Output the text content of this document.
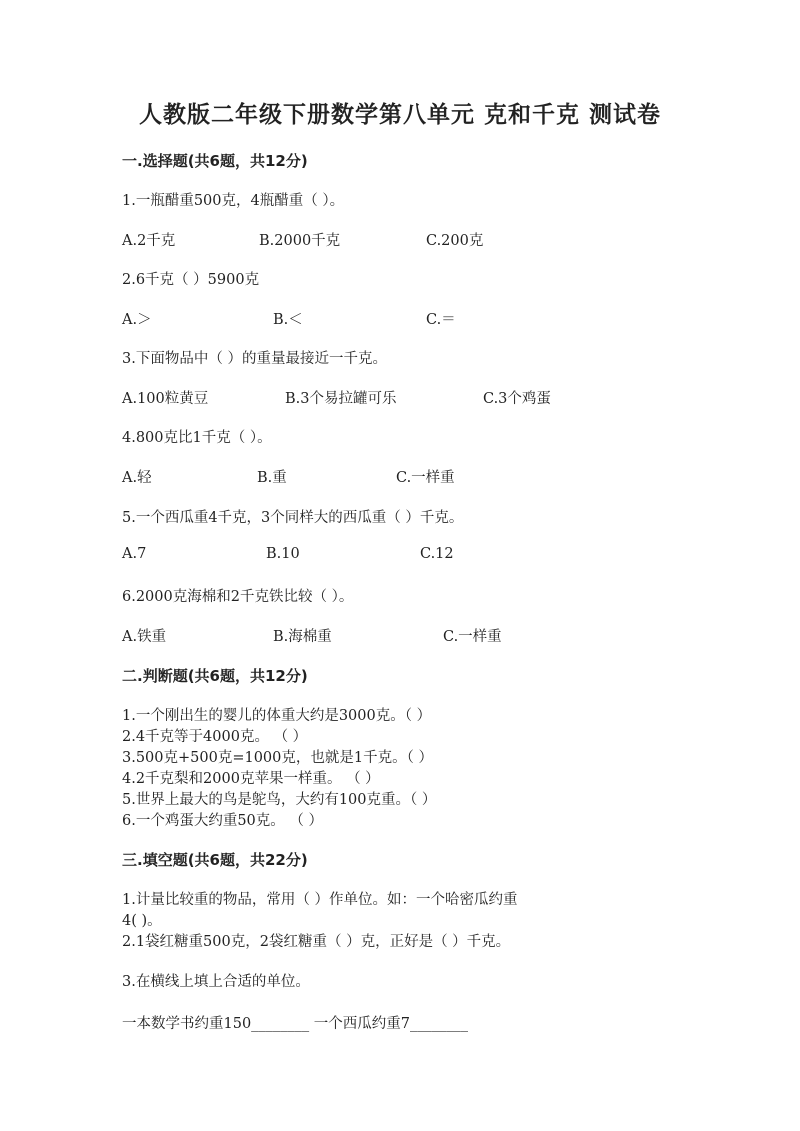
人教版二年级下册数学第八单元 克和千克 测试卷
一.选择题(共6题，共12分)
1.一瓶醋重500克，4瓶醋重（ ）。
A.2千克	B.2000千克	C.200克
2.6千克（ ）5900克
A.＞	B.＜	C.＝
3.下面物品中（ ）的重量最接近一千克。
A.100粒黄豆	B.3个易拉罐可乐	C.3个鸡蛋
4.800克比1千克（ ）。
A.轻	B.重	C.一样重
5.一个西瓜重4千克，3个同样大的西瓜重（ ）千克。
A.7	B.10	C.12
6.2000克海棉和2千克铁比较（ ）。
A.铁重	B.海棉重	C.一样重
二.判断题(共6题，共12分)
1.一个刚出生的婴儿的体重大约是3000克。（ ）
2.4千克等于4000克。 （ ）
3.500克+500克=1000克，也就是1千克。（ ）
4.2千克梨和2000克苹果一样重。 （ ）
5.世界上最大的鸟是鸵鸟，大约有100克重。（ ）
6.一个鸡蛋大约重50克。 （ ）
三.填空题(共6题，共22分)
1.计量比较重的物品，常用（ ）作单位。如：一个哈密瓜约重
4( )。
2.1袋红糖重500克，2袋红糖重（ ）克，正好是（ ）千克。
3.在横线上填上合适的单位。
一本数学书约重150________ 一个西瓜约重7________
